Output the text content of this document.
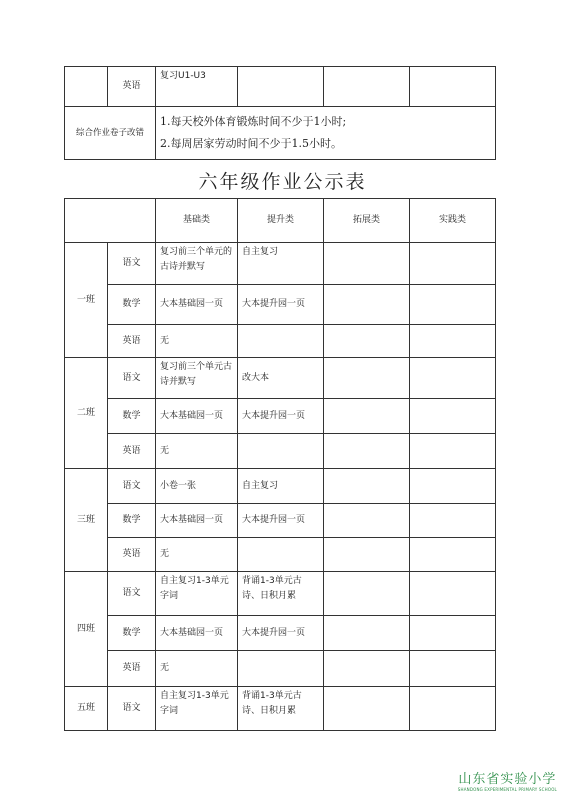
	英语	复习U1-U3			
综合作业卷子改错		1.每天校外体育锻炼时间不少于1小时;
2.每周居家劳动时间不少于1.5小时。			
六年级作业公示表
		基础类	提升类	拓展类	实践类
一班	语文	复习前三个单元的古诗并默写	自主复习		
	数学	大本基础园一页	大本提升园一页		
	英语	无			
二班	语文	复习前三个单元古诗并默写	改大本		
	数学	大本基础园一页	大本提升园一页		
	英语	无			
三班	语文	小卷一张	自主复习		
	数学	大本基础园一页	大本提升园一页		
	英语	无			
四班	语文	自主复习1-3单元字词	背诵1-3单元古诗、日积月累		
	数学	大本基础园一页	大本提升园一页		
	英语	无			
五班	语文	自主复习1-3单元字词	背诵1-3单元古诗、日积月累		
山东省实验小学
SHANDONG EXPERIMENTAL PRIMARY SCHOOL
